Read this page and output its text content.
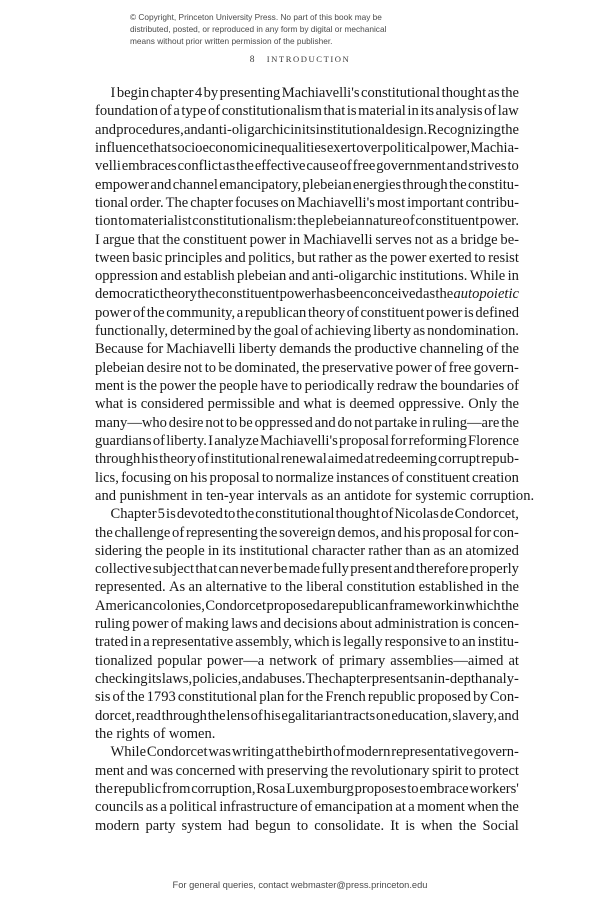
© Copyright, Princeton University Press. No part of this book may be
distributed, posted, or reproduced in any form by digital or mechanical
means without prior written permission of the publisher.
8 INTRODUCTION
I begin chapter 4 by presenting Machiavelli's constitutional thought as the
foundation of a type of constitutionalism that is material in its analysis of law
and procedures, and anti-oligarchic in its institutional design. Recognizing the
influence that socioeconomic inequalities exert over political power, Machia-
velli embraces conflict as the effective cause of free government and strives to
empower and channel emancipatory, plebeian energies through the constitu-
tional order. The chapter focuses on Machiavelli's most important contribu-
tion to materialist constitutionalism: the plebeian nature of constituent power.
I argue that the constituent power in Machiavelli serves not as a bridge be-
tween basic principles and politics, but rather as the power exerted to resist
oppression and establish plebeian and anti-oligarchic institutions. While in
democratic theory the constituent power has been conceived as the autopoietic
power of the community, a republican theory of constituent power is defined
functionally, determined by the goal of achieving liberty as nondomination.
Because for Machiavelli liberty demands the productive channeling of the
plebeian desire not to be dominated, the preservative power of free govern-
ment is the power the people have to periodically redraw the boundaries of
what is considered permissible and what is deemed oppressive. Only the
many—who desire not to be oppressed and do not partake in ruling—are the
guardians of liberty. I analyze Machiavelli's proposal for reforming Florence
through his theory of institutional renewal aimed at redeeming corrupt repub-
lics, focusing on his proposal to normalize instances of constituent creation
and punishment in ten-year intervals as an antidote for systemic corruption.
Chapter 5 is devoted to the constitutional thought of Nicolas de Condorcet,
the challenge of representing the sovereign demos, and his proposal for con-
sidering the people in its institutional character rather than as an atomized
collective subject that can never be made fully present and therefore properly
represented. As an alternative to the liberal constitution established in the
American colonies, Condorcet proposed a republican framework in which the
ruling power of making laws and decisions about administration is concen-
trated in a representative assembly, which is legally responsive to an institu-
tionalized popular power—a network of primary assemblies—aimed at
checking its laws, policies, and abuses. The chapter presents an in-depth analy-
sis of the 1793 constitutional plan for the French republic proposed by Con-
dorcet, read through the lens of his egalitarian tracts on education, slavery, and
the rights of women.
While Condorcet was writing at the birth of modern representative govern-
ment and was concerned with preserving the revolutionary spirit to protect
the republic from corruption, Rosa Luxemburg proposes to embrace workers'
councils as a political infrastructure of emancipation at a moment when the
modern party system had begun to consolidate. It is when the Social
For general queries, contact webmaster@press.princeton.edu
